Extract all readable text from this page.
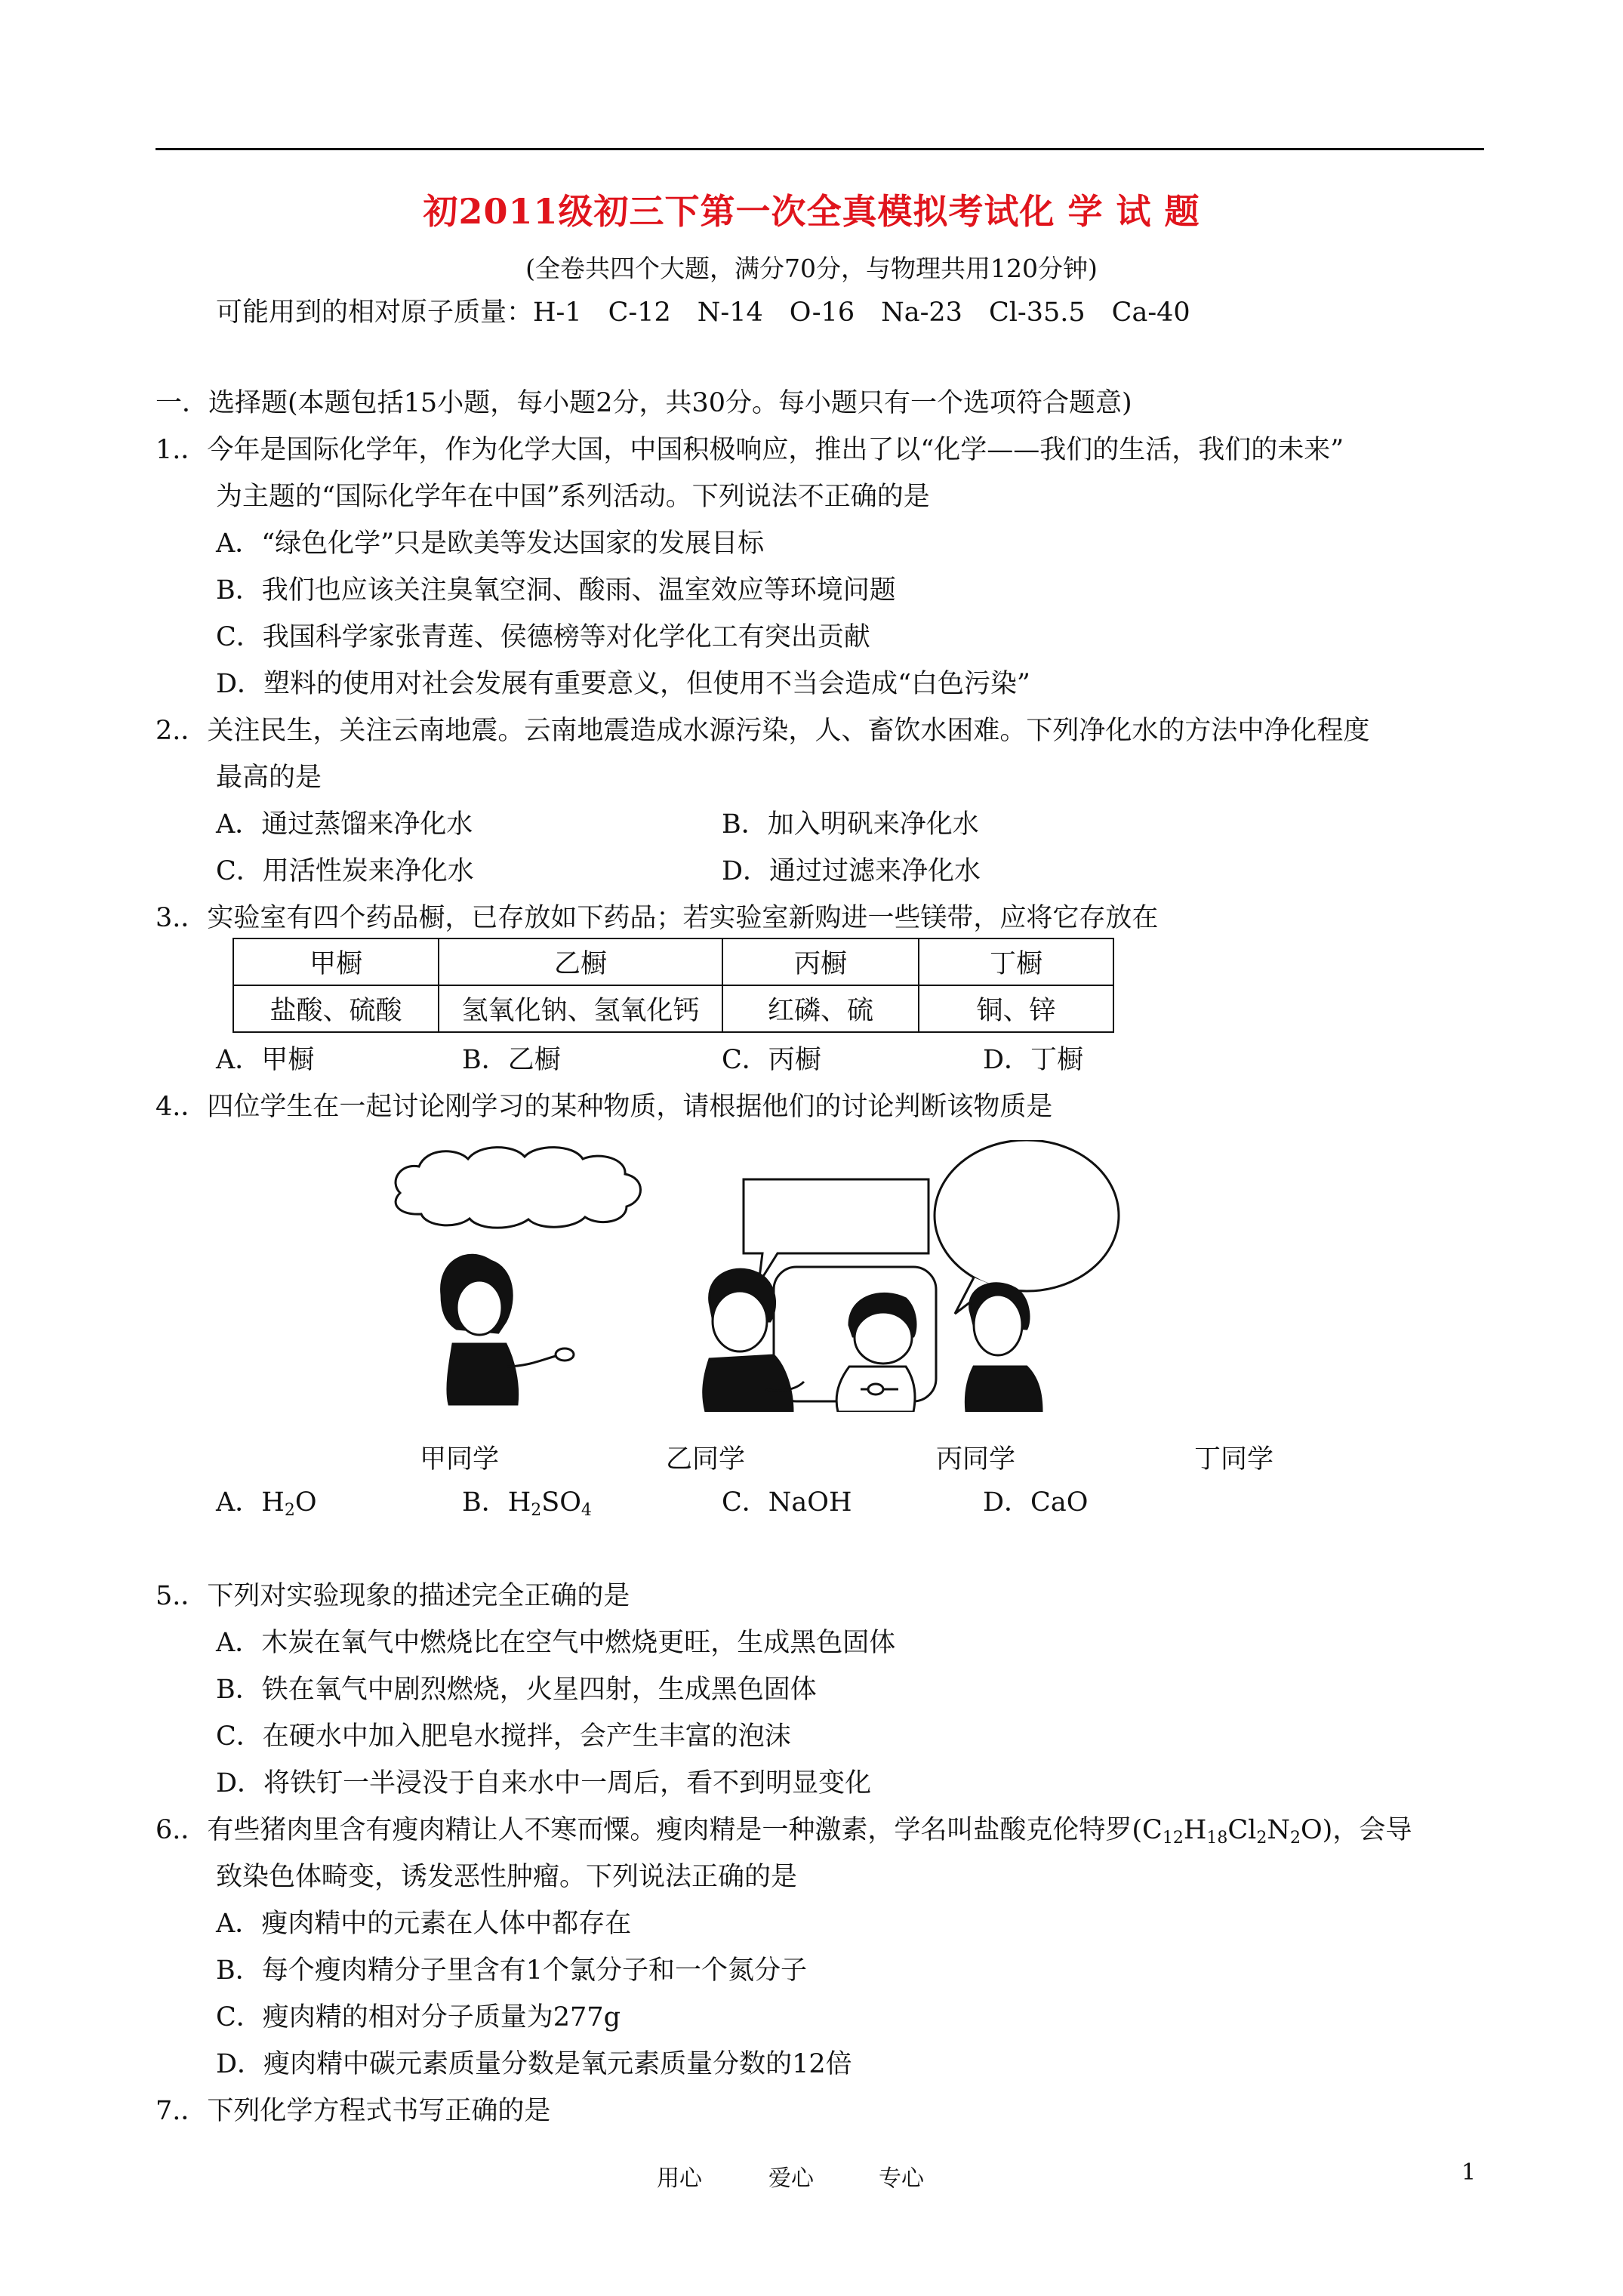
初2011级初三下第一次全真模拟考试化 学 试 题
(全卷共四个大题，满分70分，与物理共用120分钟)
可能用到的相对原子质量：H-1　C-12　N-14　O-16　Na-23　Cl-35.5　Ca-40
一．选择题(本题包括15小题，每小题2分，共30分。每小题只有一个选项符合题意)
1.．今年是国际化学年，作为化学大国，中国积极响应，推出了以“化学——我们的生活，我们的未来”
为主题的“国际化学年在中国”系列活动。下列说法不正确的是
A．“绿色化学”只是欧美等发达国家的发展目标
B．我们也应该关注臭氧空洞、酸雨、温室效应等环境问题
C．我国科学家张青莲、侯德榜等对化学化工有突出贡献
D．塑料的使用对社会发展有重要意义，但使用不当会造成“白色污染”
2.．关注民生，关注云南地震。云南地震造成水源污染，人、畜饮水困难。下列净化水的方法中净化程度
最高的是
A．通过蒸馏来净化水	B．加入明矾来净化水
C．用活性炭来净化水	D．通过过滤来净化水
3.．实验室有四个药品橱，已存放如下药品；若实验室新购进一些镁带，应将它存放在
甲橱	乙橱	丙橱	丁橱
盐酸、硫酸	氢氧化钠、氢氧化钙	红磷、硫	铜、锌
A．甲橱	B．乙橱	C．丙橱	D．丁橱
4.．四位学生在一起讨论刚学习的某种物质，请根据他们的讨论判断该物质是
甲同学	乙同学	丙同学	丁同学
A．$H_2O$	B．$H_2SO_4$	C．NaOH	D．CaO
5.．下列对实验现象的描述完全正确的是
A．木炭在氧气中燃烧比在空气中燃烧更旺，生成黑色固体
B．铁在氧气中剧烈燃烧，火星四射，生成黑色固体
C．在硬水中加入肥皂水搅拌，会产生丰富的泡沫
D．将铁钉一半浸没于自来水中一周后，看不到明显变化
6.．有些猪肉里含有瘦肉精让人不寒而憟。瘦肉精是一种激素，学名叫盐酸克伦特罗$(C_{12}H_{18}Cl_2N_2O)$，会导
致染色体畸变，诱发恶性肿瘤。下列说法正确的是
A．瘦肉精中的元素在人体中都存在
B．每个瘦肉精分子里含有1个氯分子和一个氮分子
C．瘦肉精的相对分子质量为277g
D．瘦肉精中碳元素质量分数是氧元素质量分数的12倍
7.．下列化学方程式书写正确的是
用心	爱心	专心	1
